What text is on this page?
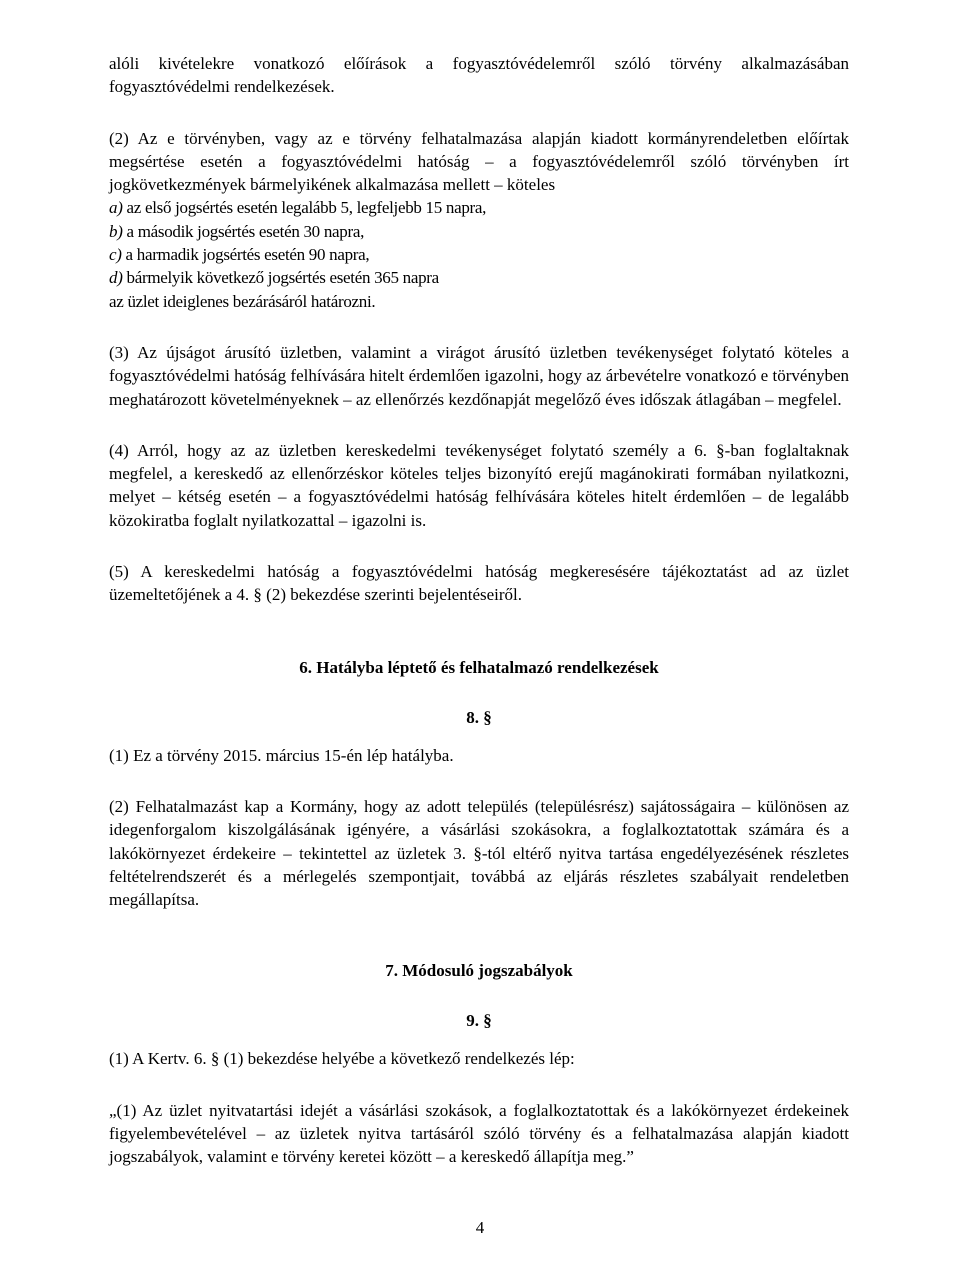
alóli kivételekre vonatkozó előírások a fogyasztóvédelemről szóló törvény alkalmazásában fogyasztóvédelmi rendelkezések.

(2) Az e törvényben, vagy az e törvény felhatalmazása alapján kiadott kormányrendeletben előírtak megsértése esetén a fogyasztóvédelmi hatóság – a fogyasztóvédelemről szóló törvényben írt jogkövetkezmények bármelyikének alkalmazása mellett – köteles

a) az első jogsértés esetén legalább 5, legfeljebb 15 napra,

b) a második jogsértés esetén 30 napra,

c) a harmadik jogsértés esetén 90 napra,

d) bármelyik következő jogsértés esetén 365 napra

az üzlet ideiglenes bezárásáról határozni.

(3) Az újságot árusító üzletben, valamint a virágot árusító üzletben tevékenységet folytató köteles a fogyasztóvédelmi hatóság felhívására hitelt érdemlően igazolni, hogy az árbevételre vonatkozó e törvényben meghatározott követelményeknek – az ellenőrzés kezdőnapját megelőző éves időszak átlagában – megfelel.

(4) Arról, hogy az az üzletben kereskedelmi tevékenységet folytató személy a 6. §-ban foglaltaknak megfelel, a kereskedő az ellenőrzéskor köteles teljes bizonyító erejű magánokirati formában nyilatkozni, melyet – kétség esetén – a fogyasztóvédelmi hatóság felhívására köteles hitelt érdemlően – de legalább közokiratba foglalt nyilatkozattal – igazolni is.

(5) A kereskedelmi hatóság a fogyasztóvédelmi hatóság megkeresésére tájékoztatást ad az üzlet üzemeltetőjének a 4. § (2) bekezdése szerinti bejelentéseiről.

6. Hatályba léptető és felhatalmazó rendelkezések

8. §

(1) Ez a törvény 2015. március 15-én lép hatályba.

(2) Felhatalmazást kap a Kormány, hogy az adott település (településrész) sajátosságaira – különösen az idegenforgalom kiszolgálásának igényére, a vásárlási szokásokra, a foglalkoztatottak számára és a lakókörnyezet érdekeire – tekintettel az üzletek 3. §-tól eltérő nyitva tartása engedélyezésének részletes feltételrendszerét és a mérlegelés szempontjait, továbbá az eljárás részletes szabályait rendeletben megállapítsa.

7. Módosuló jogszabályok

9. §

(1) A Kertv. 6. § (1) bekezdése helyébe a következő rendelkezés lép:

„(1) Az üzlet nyitvatartási idejét a vásárlási szokások, a foglalkoztatottak és a lakókörnyezet érdekeinek figyelembevételével – az üzletek nyitva tartásáról szóló törvény és a felhatalmazása alapján kiadott jogszabályok, valamint e törvény keretei között – a kereskedő állapítja meg.”

4
